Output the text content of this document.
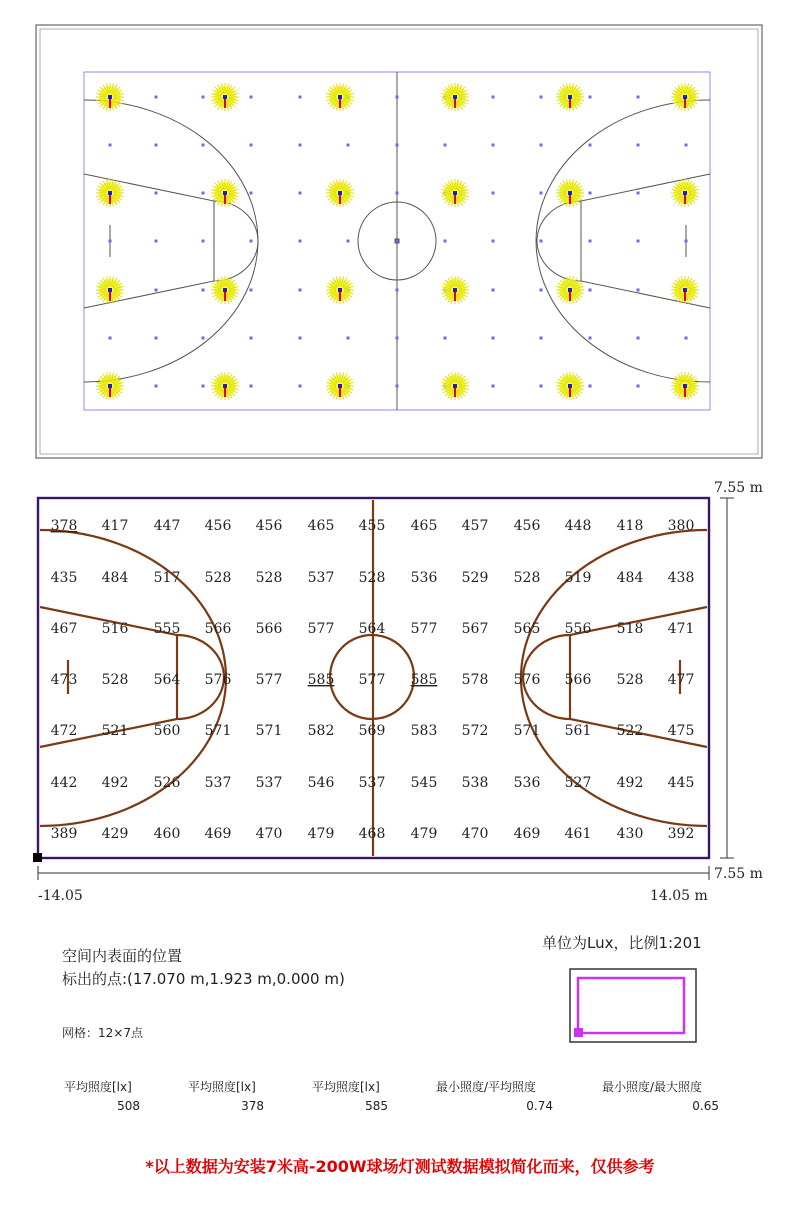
378 417 447 456 456 465 455 465 457 456 448 418 380
435 484 517 528 528 537 528 536 529 528 519 484 438
467 516 555 566 566 577 564 577 567 565 556 518 471
473 528 564 576 577 585 577 585 578 576 566 528 477
472 521 560 571 571 582 569 583 572 571 561 522 475
442 492 526 537 537 546 537 545 538 536 527 492 445
389 429 460 469 470 479 468 479 470 469 461 430 392
-14.05	14.05 m
7.55 m
7.55 m
空间内表面的位置
标出的点:(17.070 m,1.923 m,0.000 m)
网格：12×7点
单位为Lux，比例1:201
平均照度[lx]
508
平均照度[lx]
378
平均照度[lx]
585
最小照度/平均照度
0.74
最小照度/最大照度
0.65
*以上数据为安装7米高-200W球场灯测试数据模拟简化而来，仅供参考
